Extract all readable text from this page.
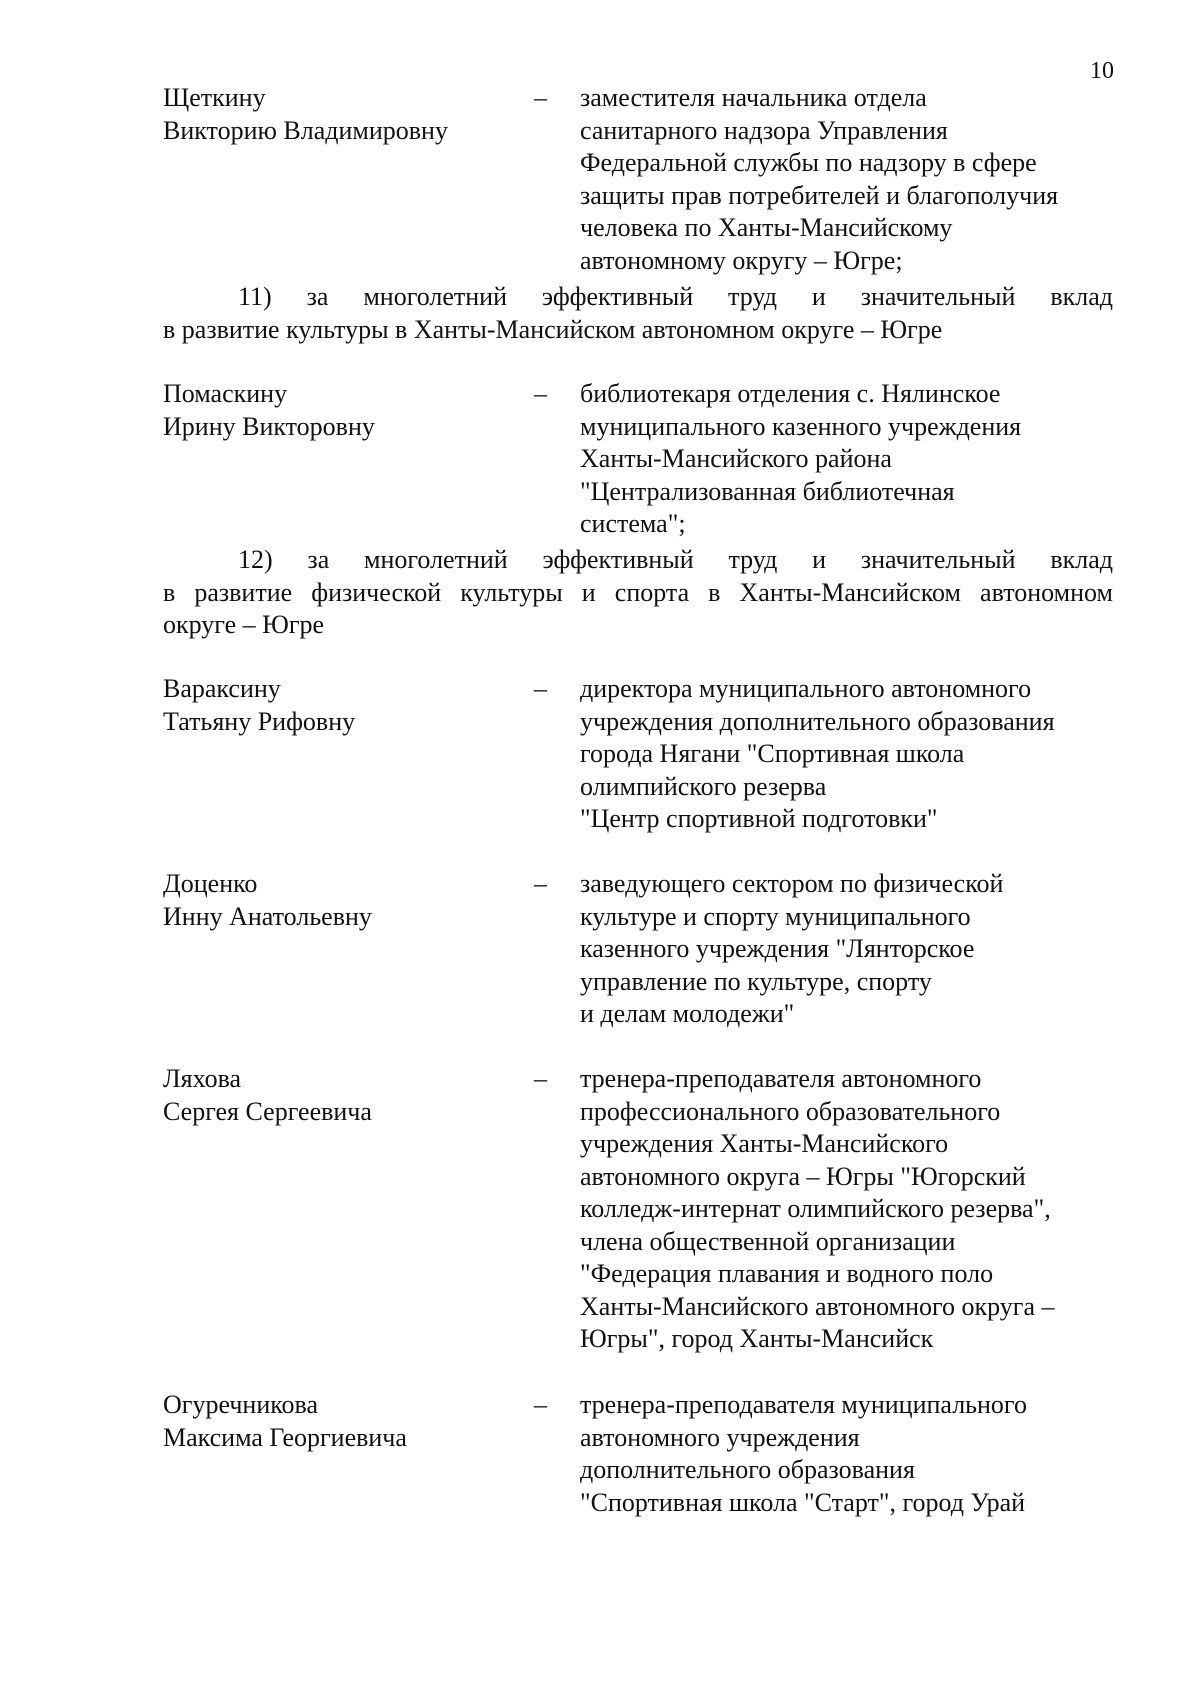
10
Щеткину
Викторию Владимировну
– заместителя начальника отдела
санитарного надзора Управления
Федеральной службы по надзору в сфере
защиты прав потребителей и благополучия
человека по Ханты-Мансийскому
автономному округу – Югре;
11) за многолетний эффективный труд и значительный вклад
в развитие культуры в Ханты-Мансийском автономном округе – Югре
Помаскину
Ирину Викторовну
– библиотекаря отделения с. Нялинское
муниципального казенного учреждения
Ханты-Мансийского района
"Централизованная библиотечная
система";
12) за многолетний эффективный труд и значительный вклад
в развитие физической культуры и спорта в Ханты-Мансийском автономном
округе – Югре
Вараксину
Татьяну Рифовну
– директора муниципального автономного
учреждения дополнительного образования
города Нягани "Спортивная школа
олимпийского резерва
"Центр спортивной подготовки"
Доценко
Инну Анатольевну
– заведующего сектором по физической
культуре и спорту муниципального
казенного учреждения "Лянторское
управление по культуре, спорту
и делам молодежи"
Ляхова
Сергея Сергеевича
– тренера-преподавателя автономного
профессионального образовательного
учреждения Ханты-Мансийского
автономного округа – Югры "Югорский
колледж-интернат олимпийского резерва",
члена общественной организации
"Федерация плавания и водного поло
Ханты-Мансийского автономного округа –
Югры", город Ханты-Мансийск
Огуречникова
Максима Георгиевича
– тренера-преподавателя муниципального
автономного учреждения
дополнительного образования
"Спортивная школа "Старт", город Урай
